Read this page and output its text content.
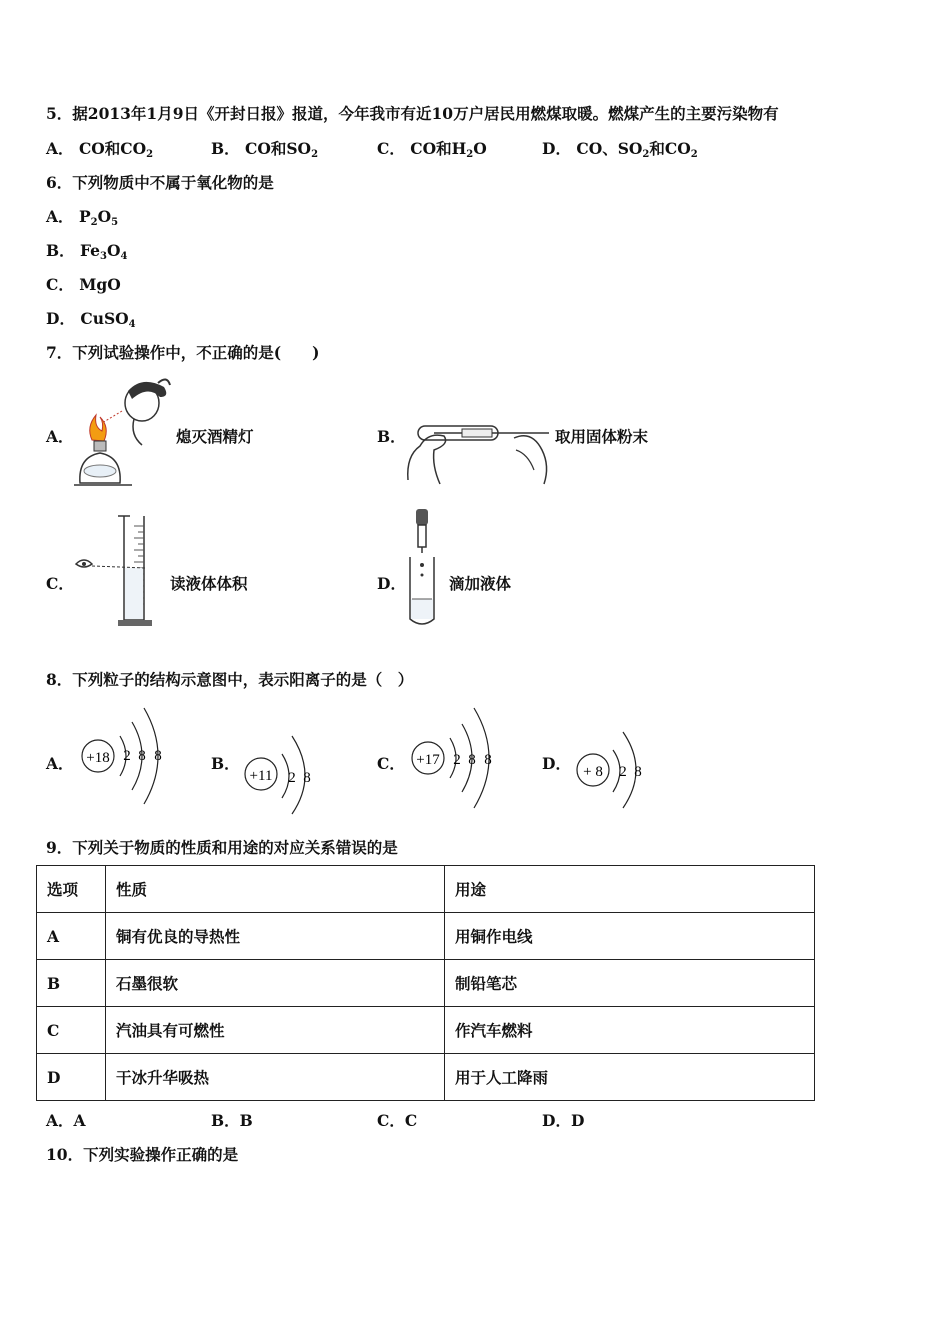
5．据2013年1月9日《开封日报》报道，今年我市有近10万户居民用燃煤取暖。燃煤产生的主要污染物有
A． CO和$CO_2$	B． CO和$SO_2$	C． CO和$H_2O$	D． CO、$SO_2$和$CO_2$
6．下列物质中不属于氧化物的是
A． $P_2O_5$
B． $Fe_3O_4$
C． MgO
D． CuSO$_4$
7．下列试验操作中，不正确的是(　　)
A．	熄灭酒精灯	B．	取用固体粉末
C．	读液体体积	D．	滴加液体
8．下列粒子的结构示意图中，表示阳离子的是（　）
A． +18 2 8 8	B．
+11 2 8
C． +17 2 8 8	D． + 8 2 8
9．下列关于物质的性质和用途的对应关系错误的是
选项	性质	用途
A	铜有优良的导热性	用铜作电线
B	石墨很软	制铅笔芯
C	汽油具有可燃性	作汽车燃料
D	干冰升华吸热	用于人工降雨
A．A	B．B	C．C	D．D
10．下列实验操作正确的是
